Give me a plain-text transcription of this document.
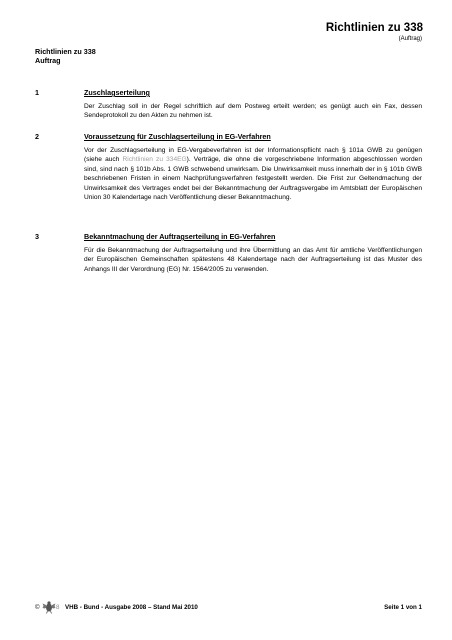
Richtlinien zu 338
(Auftrag)
Richtlinien zu 338
Auftrag
1	Zuschlagserteilung
Der Zuschlag soll in der Regel schriftlich auf dem Postweg erteilt werden; es genügt auch ein Fax, dessen Sendeprotokoll zu den Akten zu nehmen ist.
2	Voraussetzung für Zuschlagserteilung in EG-Verfahren
Vor der Zuschlagserteilung in EG-Vergabeverfahren ist der Informationspflicht nach § 101a GWB zu genügen (siehe auch Richtlinien zu 334EG). Verträge, die ohne die vorgeschriebene Information abgeschlossen worden sind, sind nach § 101b Abs. 1 GWB schwebend unwirksam. Die Unwirksamkeit muss innerhalb der in § 101b GWB beschriebenen Fristen in einem Nachprüfungsverfahren festgestellt werden. Die Frist zur Geltendmachung der Unwirksamkeit des Vertrages endet bei der Bekanntmachung der Auftragsvergabe im Amtsblatt der Europäischen Union 30 Kalendertage nach Veröffentlichung dieser Bekanntmachung.
3	Bekanntmachung der Auftragserteilung in EG-Verfahren
Für die Bekanntmachung der Auftragserteilung und ihre Übermittlung an das Amt für amtliche Veröffentlichungen der Europäischen Gemeinschaften spätestens 48 Kalendertage nach der Auftragserteilung ist das Muster des Anhangs III der Verordnung (EG) Nr. 1564/2005 zu verwenden.
©	8 VHB - Bund - Ausgabe 2008 – Stand Mai 2010	Seite 1 von 1
